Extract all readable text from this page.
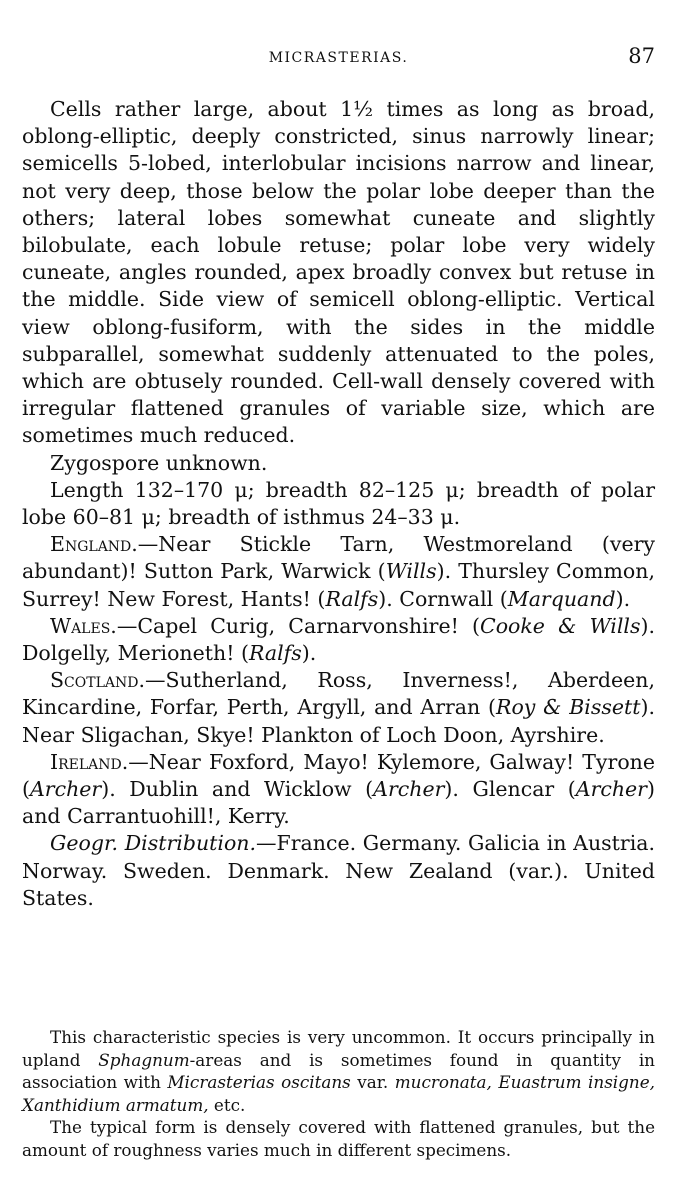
MICRASTERIAS.	87

Cells rather large, about 1½ times as long as broad, oblong-elliptic, deeply constricted, sinus narrowly linear; semicells 5-lobed, interlobular incisions narrow and linear, not very deep, those below the polar lobe deeper than the others; lateral lobes somewhat cuneate and slightly bilobulate, each lobule retuse; polar lobe very widely cuneate, angles rounded, apex broadly convex but retuse in the middle. Side view of semicell oblong-elliptic. Vertical view oblong-fusiform, with the sides in the middle subparallel, somewhat suddenly attenuated to the poles, which are obtusely rounded. Cell-wall densely covered with irregular flattened granules of variable size, which are sometimes much reduced.

Zygospore unknown.

Length 132–170 μ; breadth 82–125 μ; breadth of polar lobe 60–81 μ; breadth of isthmus 24–33 μ.

England.—Near Stickle Tarn, Westmoreland (very abundant)! Sutton Park, Warwick (Wills). Thursley Common, Surrey! New Forest, Hants! (Ralfs). Cornwall (Marquand).

Wales.—Capel Curig, Carnarvonshire! (Cooke & Wills). Dolgelly, Merioneth! (Ralfs).

Scotland.—Sutherland, Ross, Inverness!, Aberdeen, Kincardine, Forfar, Perth, Argyll, and Arran (Roy & Bissett). Near Sligachan, Skye! Plankton of Loch Doon, Ayrshire.

Ireland.—Near Foxford, Mayo! Kylemore, Galway! Tyrone (Archer). Dublin and Wicklow (Archer). Glencar (Archer) and Carrantuohill!, Kerry.

Geogr. Distribution.—France. Germany. Galicia in Austria. Norway. Sweden. Denmark. New Zealand (var.). United States.

This characteristic species is very uncommon. It occurs principally in upland Sphagnum-areas and is sometimes found in quantity in association with Micrasterias oscitans var. mucronata, Euastrum insigne, Xanthidium armatum, etc.

The typical form is densely covered with flattened granules, but the amount of roughness varies much in different specimens.
